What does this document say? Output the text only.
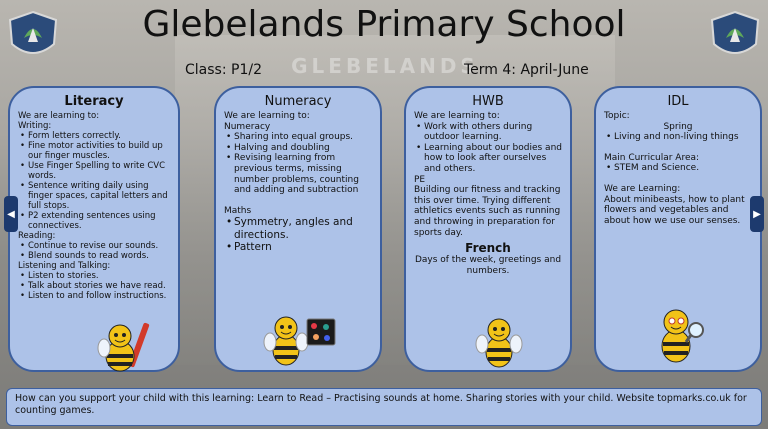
GLEBELANDS
Glebelands Primary School
Class: P1/2	Term 4: April-June
Literacy
We are learning to:
Writing:
• Form letters correctly.
• Fine motor activities to build up our finger muscles.
• Use Finger Spelling to write CVC words.
• Sentence writing daily using finger spaces, capital letters and full stops.
• P2 extending sentences using connectives.
Reading:
• Continue to revise our sounds.
• Blend sounds to read words.
Listening and Talking:
• Listen to stories.
• Talk about stories we have read.
• Listen to and follow instructions.
Numeracy
We are learning to:
Numeracy
• Sharing into equal groups.
• Halving and doubling
• Revising learning from previous terms, missing number problems, counting and adding and subtraction
Maths
• Symmetry, angles and directions.
• Pattern
HWB
We are learning to:
• Work with others during outdoor learning.
• Learning about our bodies and how to look after ourselves and others.
PE
Building our fitness and tracking this over time. Trying different athletics events such as running and throwing in preparation for sports day.
French
Days of the week, greetings and numbers.
IDL
Topic:
Spring
• Living and non-living things
Main Curricular Area:
• STEM and Science.
We are Learning:
About minibeasts, how to plant flowers and vegetables and about how we use our senses.
◀	▶
How can you support your child with this learning: Learn to Read – Practising sounds at home. Sharing stories with your child. Website topmarks.co.uk for counting games.
